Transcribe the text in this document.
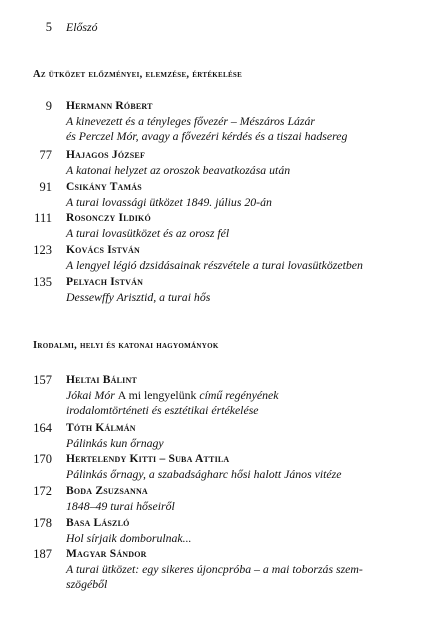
5 Előszó
Az ütközet előzményei, elemzése, értékelése
9 Hermann Róbert
A kinevezett és a tényleges fővezér – Mészáros Lázár
és Perczel Mór, avagy a fővezéri kérdés és a tiszai hadsereg
77 Hajagos József
A katonai helyzet az oroszok beavatkozása után
91 Csikány Tamás
A turai lovassági ütközet 1849. július 20-án
111 Rosonczy Ildikó
A turai lovasütközet és az orosz fél
123 Kovács István
A lengyel légió dzsidásainak részvétele a turai lovasütközetben
135 Pelyach István
Dessewffy Arisztid, a turai hős
Irodalmi, helyi és katonai hagyományok
157 Heltai Bálint
Jókai Mór A mi lengyelünk című regényének
irodalomtörténeti és esztétikai értékelése
164 Tóth Kálmán
Pálinkás kun őrnagy
170 Hertelendy Kitti – Suba Attila
Pálinkás őrnagy, a szabadságharc hősi halott János vitéze
172 Boda Zsuzsanna
1848–49 turai hőseiről
178 Basa László
Hol sírjaik domborulnak...
187 Magyar Sándor
A turai ütközet: egy sikeres újoncpróba – a mai toborzás szem-
szögéből
